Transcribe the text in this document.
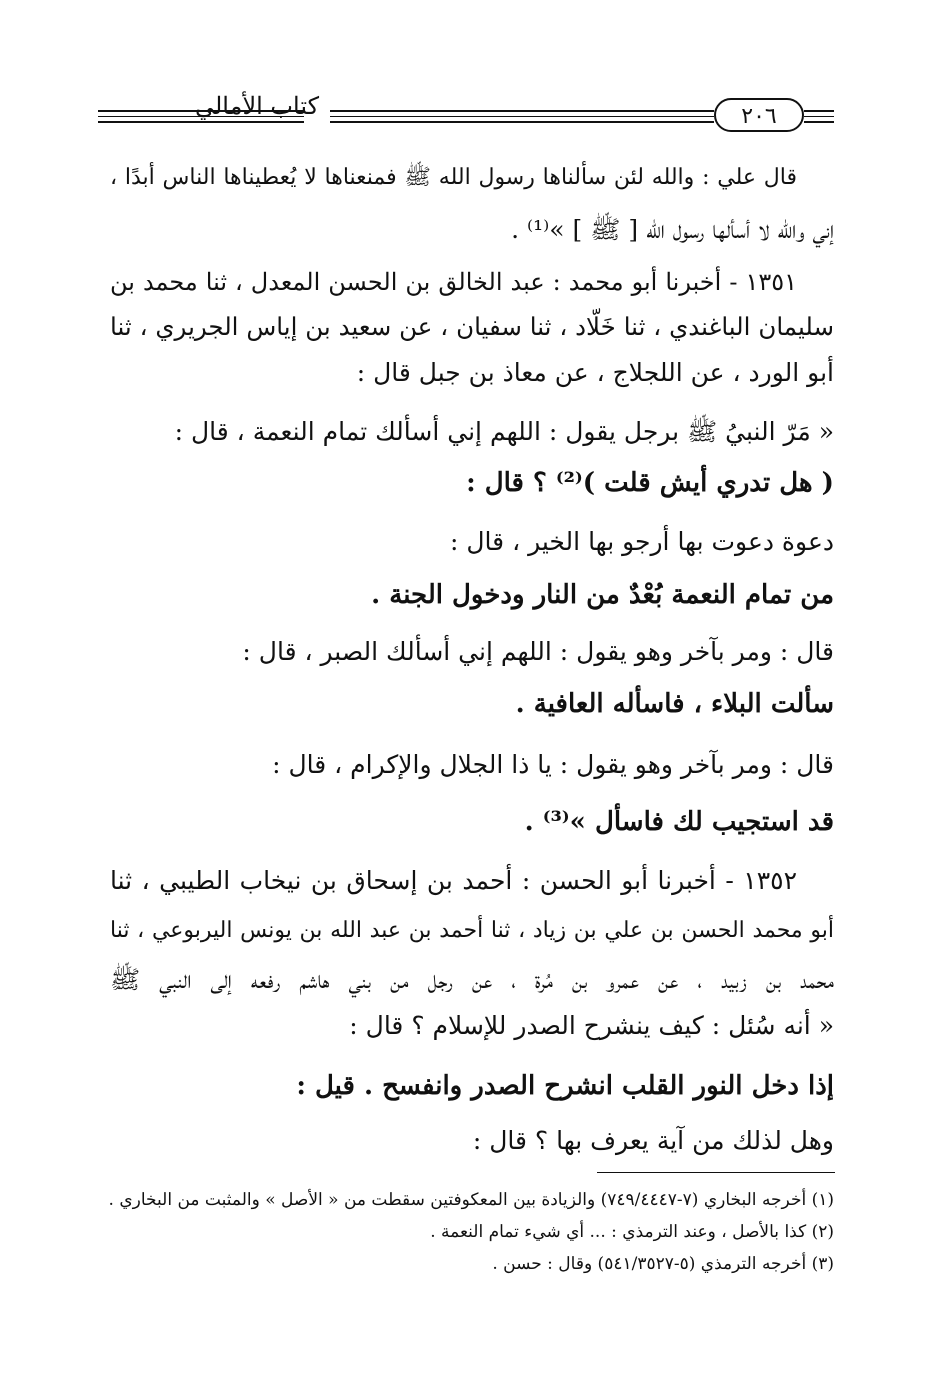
كتاب الأمالي	٢٠٦
قال علي : والله لئن سألناها رسول الله ﷺ فمنعناها لا يُعطيناها الناس أبدًا ،
إني والله لا أسألها رسول الله [ ﷺ ] »⁽¹⁾ .
١٣٥١ - أخبرنا أبو محمد : عبد الخالق بن الحسن المعدل ، ثنا محمد بن
سليمان الباغندي ، ثنا خَلّاد ، ثنا سفيان ، عن سعيد بن إياس الجريري ، ثنا
أبو الورد ، عن اللجلاج ، عن معاذ بن جبل قال :
« مَرّ النبيُ ﷺ برجل يقول : اللهم إني أسألك تمام النعمة ، قال :
( هل تدري أيش قلت )⁽²⁾ ؟ قال :
دعوة دعوت بها أرجو بها الخير ، قال :
من تمام النعمة بُعْدٌ من النار ودخول الجنة .
قال : ومر بآخر وهو يقول : اللهم إني أسألك الصبر ، قال :
سألت البلاء ، فاسأله العافية .
قال : ومر بآخر وهو يقول : يا ذا الجلال والإكرام ، قال :
قد استجيب لك فاسأل »⁽³⁾ .
١٣٥٢ - أخبرنا أبو الحسن : أحمد بن إسحاق بن نيخاب الطيبي ، ثنا
أبو محمد الحسن بن علي بن زياد ، ثنا أحمد بن عبد الله بن يونس اليربوعي ، ثنا
محمد بن زبيد ، عن عمرو بن مُرة ، عن رجل من بني هاشم رفعه إلى النبي ﷺ
« أنه سُئل : كيف ينشرح الصدر للإسلام ؟ قال :
إذا دخل النور القلب انشرح الصدر وانفسح . قيل :
وهل لذلك من آية يعرف بها ؟ قال :
(١) أخرجه البخاري (٧-٧٤٩/٤٤٤٧) والزيادة بين المعكوفتين سقطت من « الأصل » والمثبت من البخاري .
(٢) كذا بالأصل ، وعند الترمذي : ... أي شيء تمام النعمة .
(٣) أخرجه الترمذي (٥-٥٤١/٣٥٢٧) وقال : حسن .
